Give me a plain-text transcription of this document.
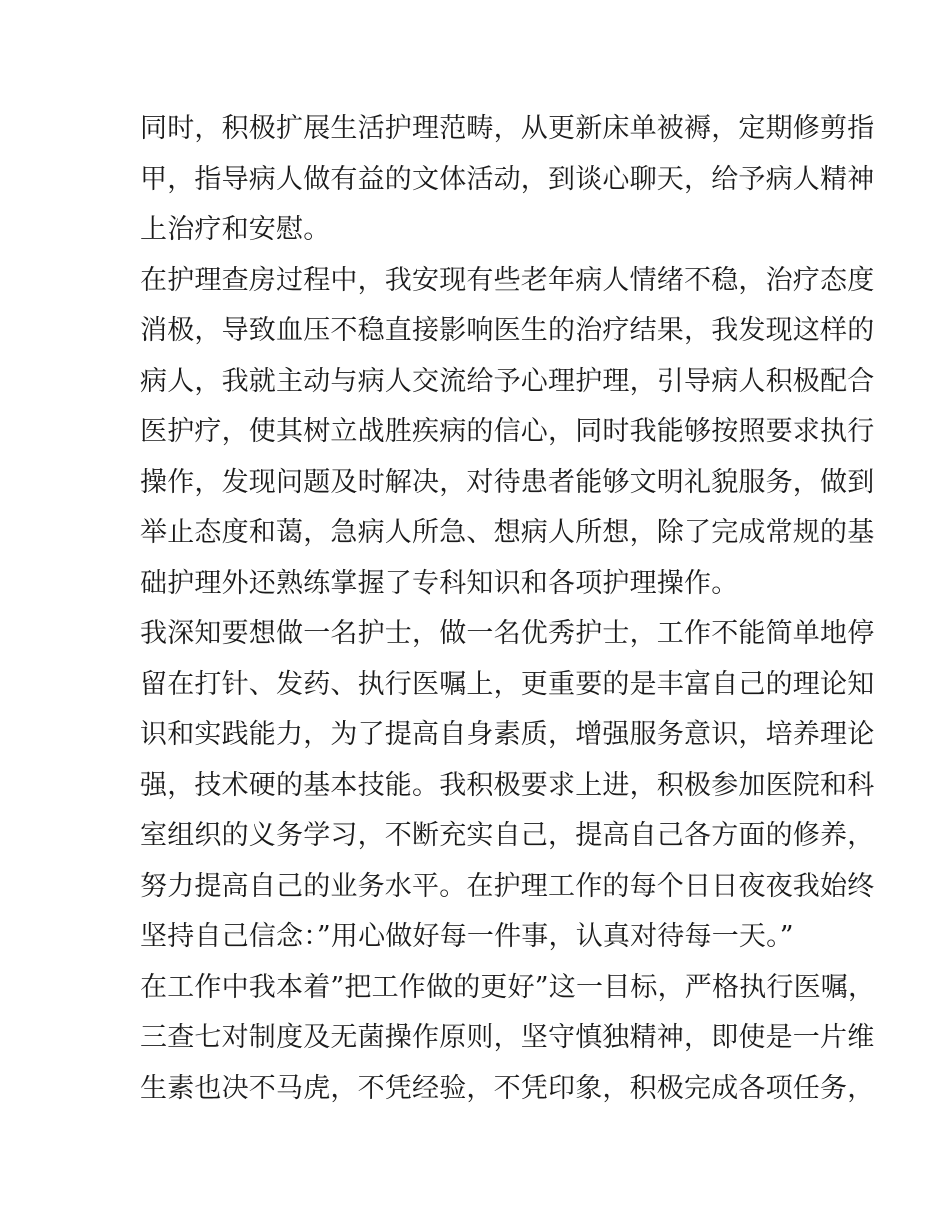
同时，积极扩展生活护理范畴，从更新床单被褥，定期修剪指
甲，指导病人做有益的文体活动，到谈心聊天，给予病人精神
上治疗和安慰。
在护理查房过程中，我安现有些老年病人情绪不稳，治疗态度
消极，导致血压不稳直接影响医生的治疗结果，我发现这样的
病人，我就主动与病人交流给予心理护理，引导病人积极配合
医护疗，使其树立战胜疾病的信心，同时我能够按照要求执行
操作，发现问题及时解决，对待患者能够文明礼貌服务，做到
举止态度和蔼，急病人所急、想病人所想，除了完成常规的基
础护理外还熟练掌握了专科知识和各项护理操作。
我深知要想做一名护士，做一名优秀护士，工作不能简单地停
留在打针、发药、执行医嘱上，更重要的是丰富自己的理论知
识和实践能力，为了提高自身素质，增强服务意识，培养理论
强，技术硬的基本技能。我积极要求上进，积极参加医院和科
室组织的义务学习，不断充实自己，提高自己各方面的修养，
努力提高自己的业务水平。在护理工作的每个日日夜夜我始终
坚持自己信念：”用心做好每一件事，认真对待每一天。”
在工作中我本着”把工作做的更好”这一目标，严格执行医嘱，
三查七对制度及无菌操作原则，坚守慎独精神，即使是一片维
生素也决不马虎，不凭经验，不凭印象，积极完成各项任务，
